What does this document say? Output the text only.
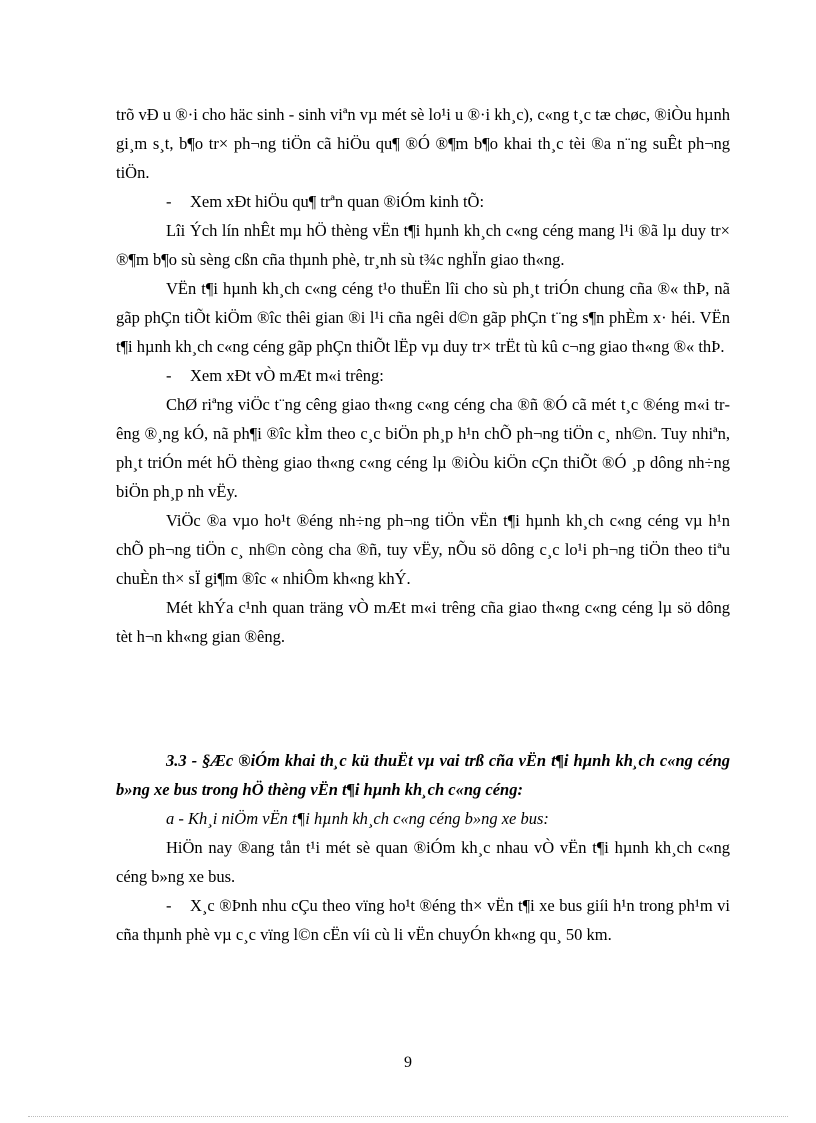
trõ vÐ u ®·i cho häc sinh - sinh viªn vµ mét sè lo¹i u ®·i kh¸c), c«ng t¸c tæ chøc, ®iÒu hµnh gi¸m s¸t, b¶o tr× ph¬ng tiÖn cã hiÖu qu¶ ®Ó ®¶m b¶o khai th¸c tèi ®a n¨ng suÊt ph¬ng tiÖn.

- Xem xÐt hiÖu qu¶ trªn quan ®iÓm kinh tÕ:

Lîi Ých lín nhÊt mµ hÖ thèng vËn t¶i hµnh kh¸ch c«ng céng mang l¹i ®ã lµ duy tr× ®¶m b¶o sù sèng cßn cña thµnh phè, tr¸nh sù t¾c nghÏn giao th«ng.

VËn t¶i hµnh kh¸ch c«ng céng t¹o thuËn lîi cho sù ph¸t triÓn chung cña ®« thÞ, nã gãp phÇn tiÕt kiÖm ®îc thêi gian ®i l¹i cña ngêi d©n gãp phÇn t¨ng s¶n phÈm x· héi. VËn t¶i hµnh kh¸ch c«ng céng gãp phÇn thiÕt lËp vµ duy tr× trËt tù kû c¬ng giao th«ng ®« thÞ.

- Xem xÐt vÒ mÆt m«i trêng:

ChØ riªng viÖc t¨ng cêng giao th«ng c«ng céng cha ®ñ ®Ó cã mét t¸c ®éng m«i trêng ®¸ng kÓ, nã ph¶i ®îc kÌm theo c¸c biÖn ph¸p h¹n chÕ ph¬ng tiÖn c¸ nh©n. Tuy nhiªn, ph¸t triÓn mét hÖ thèng giao th«ng c«ng céng lµ ®iÒu kiÖn cÇn thiÕt ®Ó ¸p dông nh÷ng biÖn ph¸p nh vËy.

ViÖc ®a vµo ho¹t ®éng nh÷ng ph¬ng tiÖn vËn t¶i hµnh kh¸ch c«ng céng vµ h¹n chÕ ph¬ng tiÖn c¸ nh©n còng cha ®ñ, tuy vËy, nÕu sö dông c¸c lo¹i ph¬ng tiÖn theo tiªu chuÈn th× sÏ gi¶m ®îc « nhiÔm kh«ng khÝ.

Mét khÝa c¹nh quan träng vÒ mÆt m«i trêng cña giao th«ng c«ng céng lµ sö dông tèt h¬n kh«ng gian ®êng.

3.3 - §Æc ®iÓm khai th¸c kü thuËt vµ vai trß cña vËn t¶i hµnh kh¸ch c«ng céng b»ng xe bus trong hÖ thèng vËn t¶i hµnh kh¸ch c«ng céng:

a - Kh¸i niÖm vËn t¶i hµnh kh¸ch c«ng céng b»ng xe bus:

HiÖn nay ®ang tån t¹i mét sè quan ®iÓm kh¸c nhau vÒ vËn t¶i hµnh kh¸ch c«ng céng b»ng xe bus.

- X¸c ®Þnh nhu cÇu theo vïng ho¹t ®éng th× vËn t¶i xe bus giíi h¹n trong ph¹m vi cña thµnh phè vµ c¸c vïng l©n cËn víi cù li vËn chuyÓn kh«ng qu¸ 50 km.

9
